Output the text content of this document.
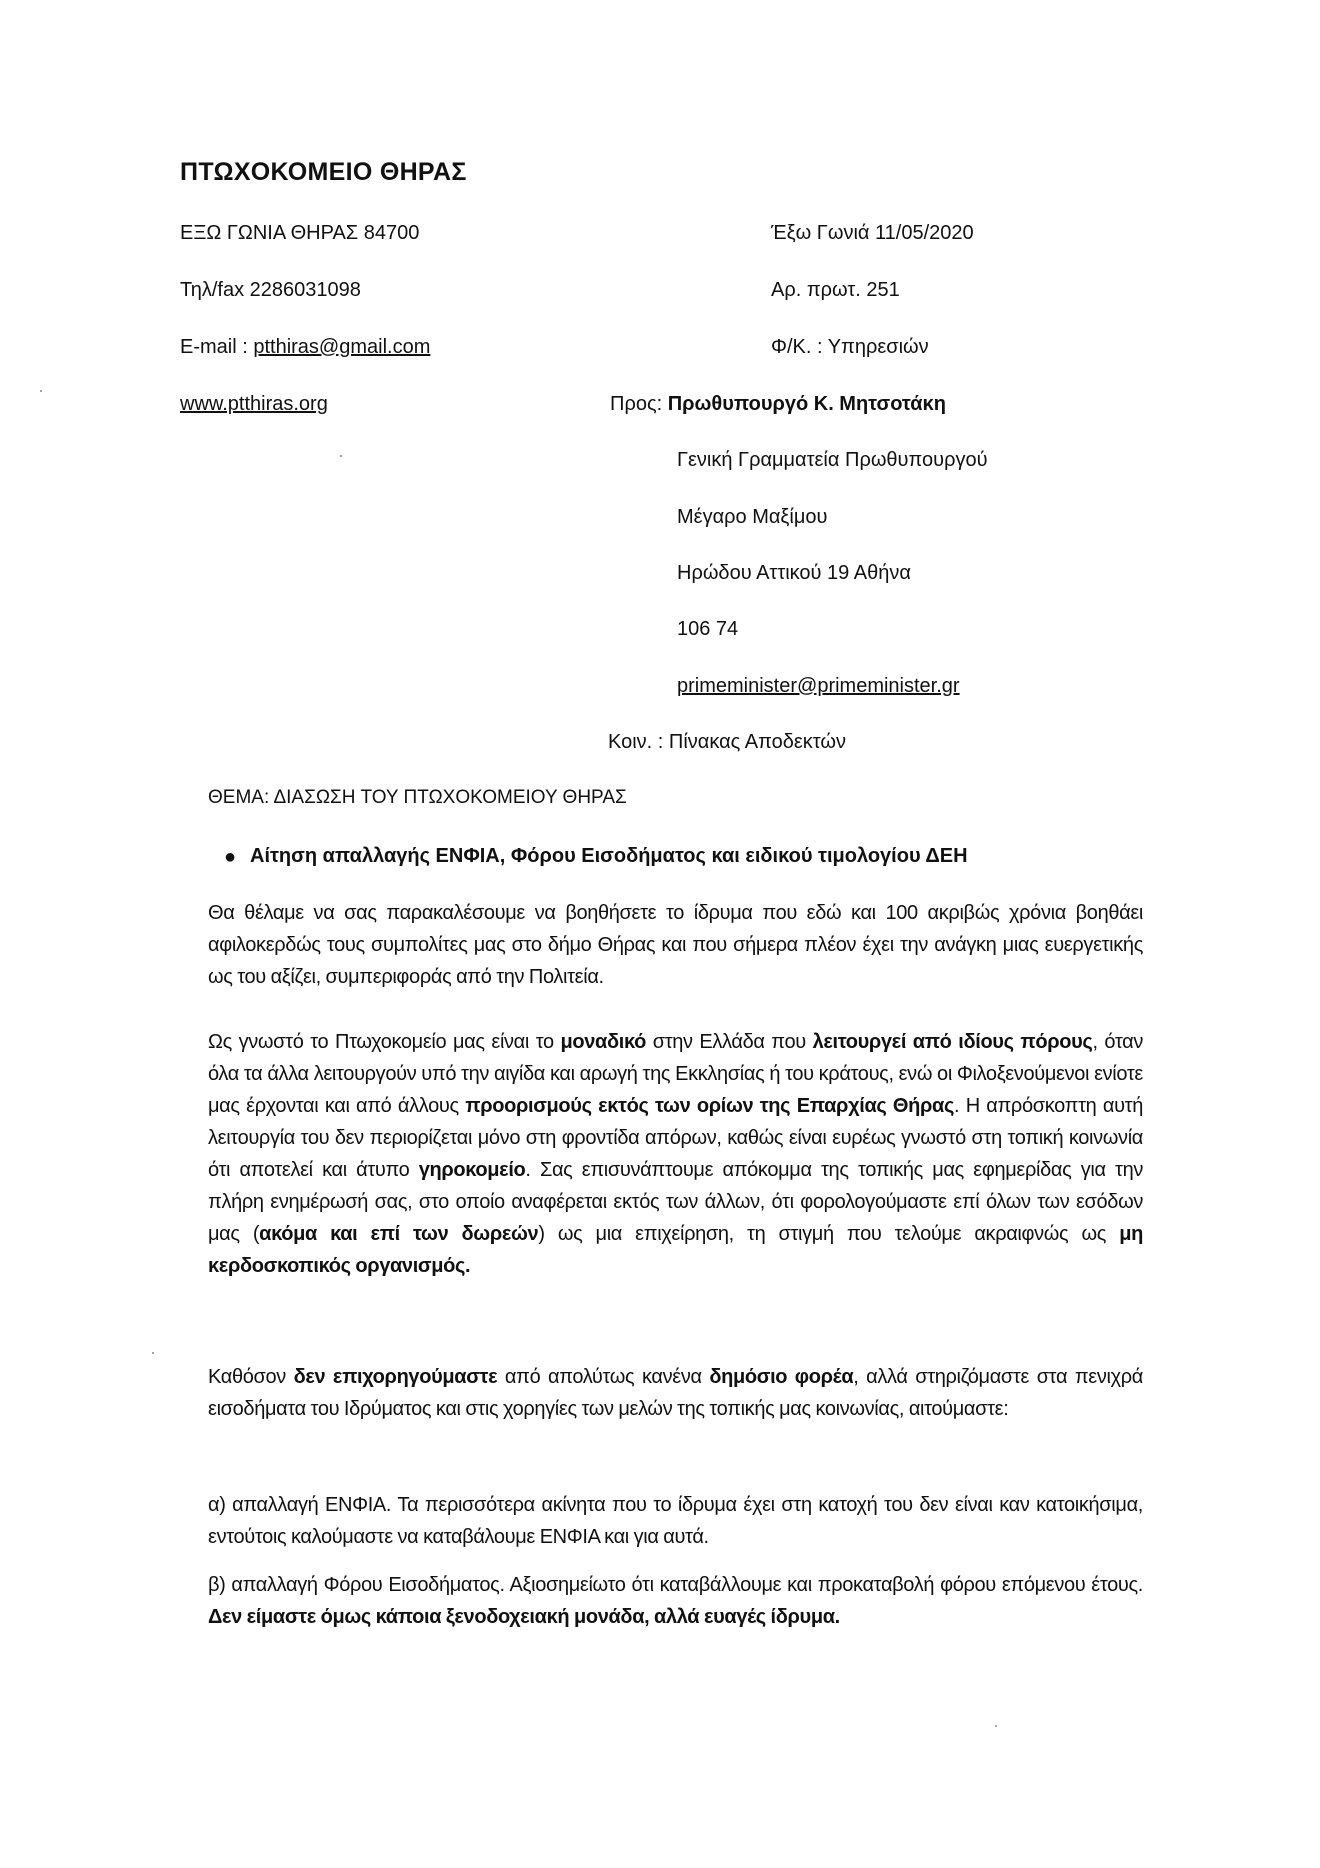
ΠΤΩΧΟΚΟΜΕΙΟ ΘΗΡΑΣ
ΕΞΩ ΓΩΝΙΑ ΘΗΡΑΣ 84700
Τηλ/fax 2286031098
E-mail : ptthiras@gmail.com
www.ptthiras.org
Έξω Γωνιά 11/05/2020
Αρ. πρωτ. 251
Φ/Κ. : Υπηρεσιών
Προς: Πρωθυπουργό Κ. Μητσοτάκη
Γενική Γραμματεία Πρωθυπουργού
Μέγαρο Μαξίμου
Ηρώδου Αττικού 19 Αθήνα
106 74
primeminister@primeminister.gr
Κοιν. : Πίνακας Αποδεκτών
ΘΕΜΑ: ΔΙΑΣΩΣΗ ΤΟΥ ΠΤΩΧΟΚΟΜΕΙΟΥ ΘΗΡΑΣ
● Αίτηση απαλλαγής ΕΝΦΙΑ, Φόρου Εισοδήματος και ειδικού τιμολογίου ΔΕΗ
Θα θέλαμε να σας παρακαλέσουμε να βοηθήσετε το ίδρυμα που εδώ και 100 ακριβώς χρόνια βοηθάει αφιλοκερδώς τους συμπολίτες μας στο δήμο Θήρας και που σήμερα πλέον έχει την ανάγκη μιας ευεργετικής ως του αξίζει, συμπεριφοράς από την Πολιτεία.
Ως γνωστό το Πτωχοκομείο μας είναι το μοναδικό στην Ελλάδα που λειτουργεί από ιδίους πόρους, όταν όλα τα άλλα λειτουργούν υπό την αιγίδα και αρωγή της Εκκλησίας ή του κράτους, ενώ οι Φιλοξενούμενοι ενίοτε μας έρχονται και από άλλους προορισμούς εκτός των ορίων της Επαρχίας Θήρας. Η απρόσκοπτη αυτή λειτουργία του δεν περιορίζεται μόνο στη φροντίδα απόρων, καθώς είναι ευρέως γνωστό στη τοπική κοινωνία ότι αποτελεί και άτυπο γηροκομείο. Σας επισυνάπτουμε απόκομμα της τοπικής μας εφημερίδας για την πλήρη ενημέρωσή σας, στο οποίο αναφέρεται εκτός των άλλων, ότι φορολογούμαστε επί όλων των εσόδων μας (ακόμα και επί των δωρεών) ως μια επιχείρηση, τη στιγμή που τελούμε ακραιφνώς ως μη κερδοσκοπικός οργανισμός.
Καθόσον δεν επιχορηγούμαστε από απολύτως κανένα δημόσιο φορέα, αλλά στηριζόμαστε στα πενιχρά εισοδήματα του Ιδρύματος και στις χορηγίες των μελών της τοπικής μας κοινωνίας, αιτούμαστε:
α) απαλλαγή ΕΝΦΙΑ. Τα περισσότερα ακίνητα που το ίδρυμα έχει στη κατοχή του δεν είναι καν κατοικήσιμα, εντούτοις καλούμαστε να καταβάλουμε ΕΝΦΙΑ και για αυτά.
β) απαλλαγή Φόρου Εισοδήματος. Αξιοσημείωτο ότι καταβάλλουμε και προκαταβολή φόρου επόμενου έτους. Δεν είμαστε όμως κάποια ξενοδοχειακή μονάδα, αλλά ευαγές ίδρυμα.
